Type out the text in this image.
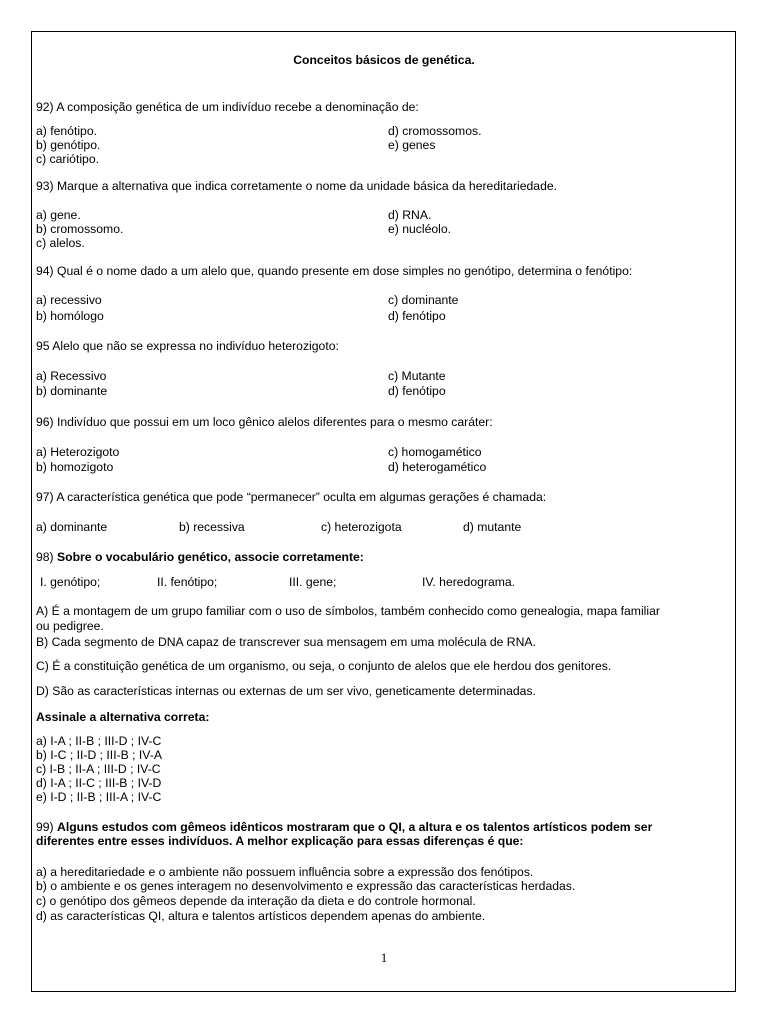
Conceitos básicos de genética.
92) A composição genética de um indivíduo recebe a denominação de:
a) fenótipo.
b) genótipo.
c) cariótipo.
d) cromossomos.
e) genes
93) Marque a alternativa que indica corretamente o nome da unidade básica da hereditariedade.
a) gene.
b) cromossomo.
c) alelos.
d) RNA.
e) nucléolo.
94) Qual é o nome dado a um alelo que, quando presente em dose simples no genótipo, determina o fenótipo:
a) recessivo
b) homólogo
c) dominante
d) fenótipo
95 Alelo que não se expressa no indivíduo heterozigoto:
a) Recessivo
b) dominante
c) Mutante
d) fenótipo
96) Indivíduo que possui em um loco gênico alelos diferentes para o mesmo caráter:
a) Heterozigoto
b) homozigoto
c) homogamético
d) heterogamético
97) A característica genética que pode “permanecer” oculta em algumas gerações é chamada:
a) dominante	b) recessiva	c) heterozigota	d) mutante
98) Sobre o vocabulário genético, associe corretamente:
I. genótipo;	II. fenótipo;	III. gene;	IV. heredograma.
A) É a montagem de um grupo familiar com o uso de símbolos, também conhecido como genealogia, mapa familiar
ou pedigree.
B) Cada segmento de DNA capaz de transcrever sua mensagem em uma molécula de RNA.
C) É a constituição genética de um organismo, ou seja, o conjunto de alelos que ele herdou dos genitores.
D) São as características internas ou externas de um ser vivo, geneticamente determinadas.
Assinale a alternativa correta:
a) I-A ; II-B ; III-D ; IV-C
b) I-C ; II-D ; III-B ; IV-A
c) I-B ; II-A ; III-D ; IV-C
d) I-A ; II-C ; III-B ; IV-D
e) I-D ; II-B ; III-A ; IV-C
99) Alguns estudos com gêmeos idênticos mostraram que o QI, a altura e os talentos artísticos podem ser
diferentes entre esses indivíduos. A melhor explicação para essas diferenças é que:
a) a hereditariedade e o ambiente não possuem influência sobre a expressão dos fenótipos.
b) o ambiente e os genes interagem no desenvolvimento e expressão das características herdadas.
c) o genótipo dos gêmeos depende da interação da dieta e do controle hormonal.
d) as características QI, altura e talentos artísticos dependem apenas do ambiente.
1
